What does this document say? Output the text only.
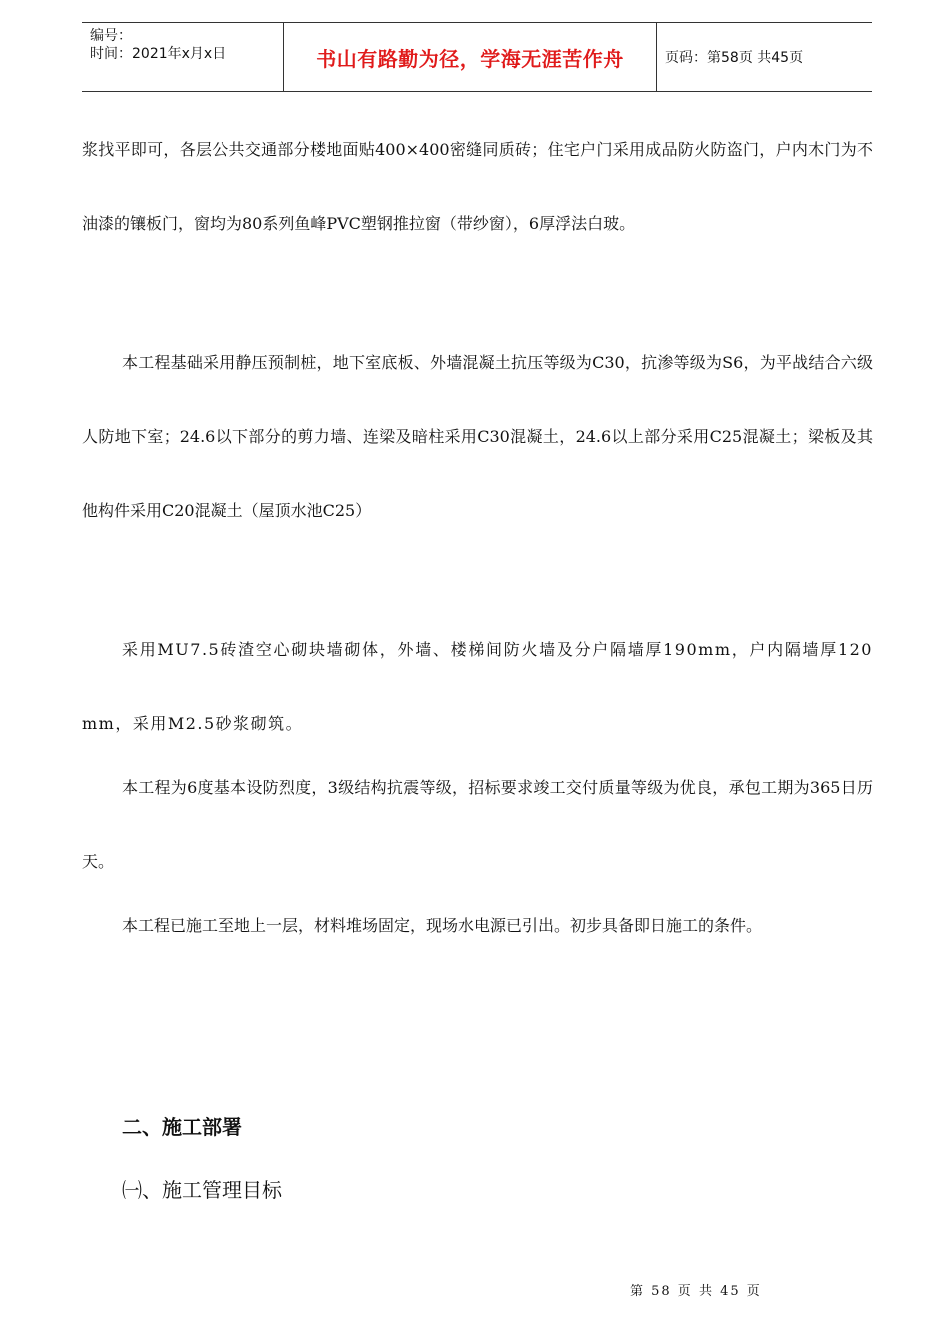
编号：
时间：2021年x月x日	书山有路勤为径，学海无涯苦作舟	页码：第58页 共45页

浆找平即可，各层公共交通部分楼地面贴400×400密缝同质砖；住宅户门采用成品防火防盗门，户内木门为不油漆的镶板门，窗均为80系列鱼峰PVC塑钢推拉窗（带纱窗），6厚浮法白玻。

本工程基础采用静压预制桩，地下室底板、外墙混凝土抗压等级为C30，抗渗等级为S6，为平战结合六级人防地下室；24.6以下部分的剪力墙、连梁及暗柱采用C30混凝土，24.6以上部分采用C25混凝土；梁板及其他构件采用C20混凝土（屋顶水池C25）

采用MU7.5砖渣空心砌块墙砌体，外墙、楼梯间防火墙及分户隔墙厚190mm，户内隔墙厚120 mm，采用M2.5砂浆砌筑。

本工程为6度基本设防烈度，3级结构抗震等级，招标要求竣工交付质量等级为优良，承包工期为365日历天。

本工程已施工至地上一层，材料堆场固定，现场水电源已引出。初步具备即日施工的条件。

二、施工部署
㈠、施工管理目标
第 58 页 共 45 页
